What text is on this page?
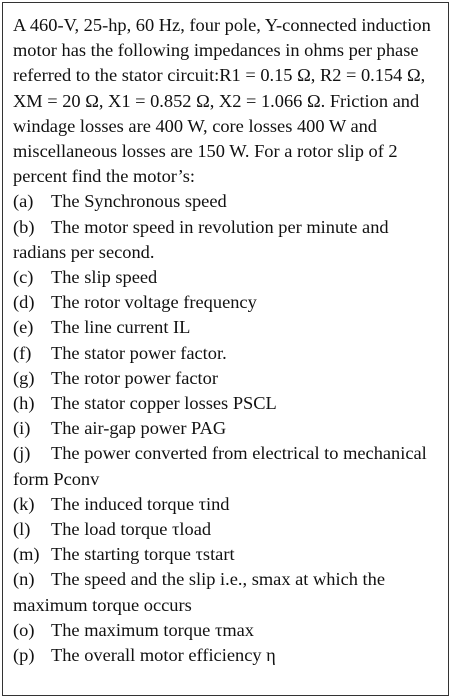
A 460-V, 25-hp, 60 Hz, four pole, Y-connected induction motor has the following impedances in ohms per phase referred to the stator circuit:R1 = 0.15 Ω, R2 = 0.154 Ω, XM = 20 Ω, X1 = 0.852 Ω, X2 = 1.066 Ω. Friction and windage losses are 400 W, core losses 400 W and miscellaneous losses are 150 W. For a rotor slip of 2 percent find the motor’s:

(a) The Synchronous speed
(b) The motor speed in revolution per minute and radians per second.
(c) The slip speed
(d) The rotor voltage frequency
(e) The line current IL
(f) The stator power factor.
(g) The rotor power factor
(h) The stator copper losses PSCL
(i) The air-gap power PAG
(j) The power converted from electrical to mechanical form Pconv
(k) The induced torque τind
(l) The load torque τload
(m) The starting torque τstart
(n) The speed and the slip i.e., smax at which the maximum torque occurs
(o) The maximum torque τmax
(p) The overall motor efficiency η
